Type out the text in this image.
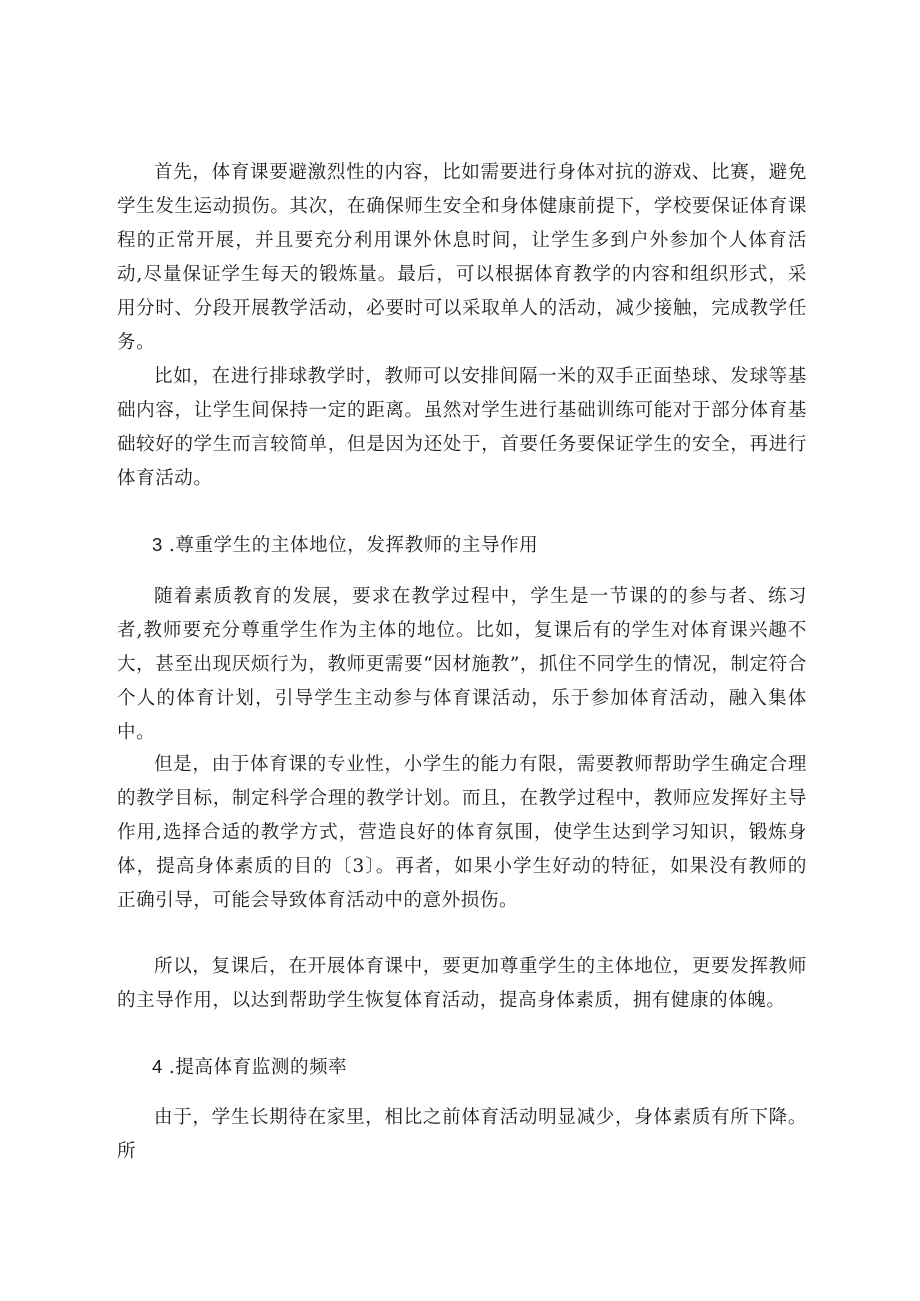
首先，体育课要避激烈性的内容，比如需要进行身体对抗的游戏、比赛，避免学生发生运动损伤。其次，在确保师生安全和身体健康前提下，学校要保证体育课程的正常开展，并且要充分利用课外休息时间，让学生多到户外参加个人体育活动,尽量保证学生每天的锻炼量。最后，可以根据体育教学的内容和组织形式，采用分时、分段开展教学活动，必要时可以采取单人的活动，减少接触，完成教学任务。

比如，在进行排球教学时，教师可以安排间隔一米的双手正面垫球、发球等基础内容，让学生间保持一定的距离。虽然对学生进行基础训练可能对于部分体育基础较好的学生而言较简单，但是因为还处于，首要任务要保证学生的安全，再进行体育活动。

3 .尊重学生的主体地位，发挥教师的主导作用

随着素质教育的发展，要求在教学过程中，学生是一节课的的参与者、练习者,教师要充分尊重学生作为主体的地位。比如，复课后有的学生对体育课兴趣不大，甚至出现厌烦行为，教师更需要“因材施教”，抓住不同学生的情况，制定符合个人的体育计划，引导学生主动参与体育课活动，乐于参加体育活动，融入集体中。

但是，由于体育课的专业性，小学生的能力有限，需要教师帮助学生确定合理的教学目标，制定科学合理的教学计划。而且，在教学过程中，教师应发挥好主导作用,选择合适的教学方式，营造良好的体育氛围，使学生达到学习知识，锻炼身体，提高身体素质的目的〔3〕。再者，如果小学生好动的特征，如果没有教师的正确引导，可能会导致体育活动中的意外损伤。

所以，复课后，在开展体育课中，要更加尊重学生的主体地位，更要发挥教师的主导作用，以达到帮助学生恢复体育活动，提高身体素质，拥有健康的体魄。

4 .提高体育监测的频率

由于，学生长期待在家里，相比之前体育活动明显减少，身体素质有所下降。所
